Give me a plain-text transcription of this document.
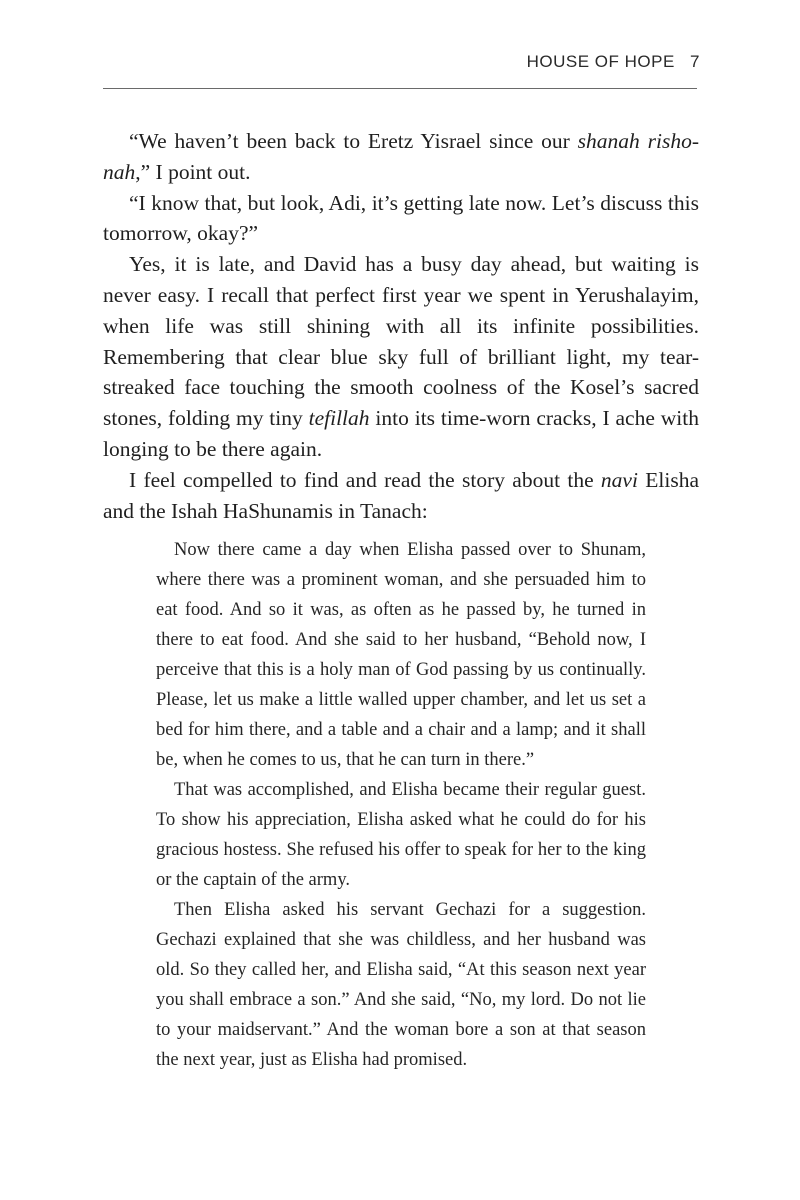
HOUSE OF HOPE 7

“We haven’t been back to Eretz Yisrael since our shanah risho-nah,” I point out.

“I know that, but look, Adi, it’s getting late now. Let’s discuss this tomorrow, okay?”

Yes, it is late, and David has a busy day ahead, but waiting is never easy. I recall that perfect first year we spent in Yerushalayim, when life was still shining with all its infinite possibilities. Remembering that clear blue sky full of brilliant light, my tear-streaked face touching the smooth coolness of the Kosel’s sacred stones, folding my tiny tefillah into its time-worn cracks, I ache with longing to be there again.

I feel compelled to find and read the story about the navi Elisha and the Ishah HaShunamis in Tanach:

Now there came a day when Elisha passed over to Shunam, where there was a prominent woman, and she persuaded him to eat food. And so it was, as often as he passed by, he turned in there to eat food. And she said to her husband, “Behold now, I perceive that this is a holy man of God passing by us continually. Please, let us make a little walled upper chamber, and let us set a bed for him there, and a table and a chair and a lamp; and it shall be, when he comes to us, that he can turn in there.”

That was accomplished, and Elisha became their regular guest. To show his appreciation, Elisha asked what he could do for his gracious hostess. She refused his offer to speak for her to the king or the captain of the army.

Then Elisha asked his servant Gechazi for a suggestion. Gechazi explained that she was childless, and her husband was old. So they called her, and Elisha said, “At this season next year you shall embrace a son.” And she said, “No, my lord. Do not lie to your maidservant.” And the woman bore a son at that season the next year, just as Elisha had promised.
